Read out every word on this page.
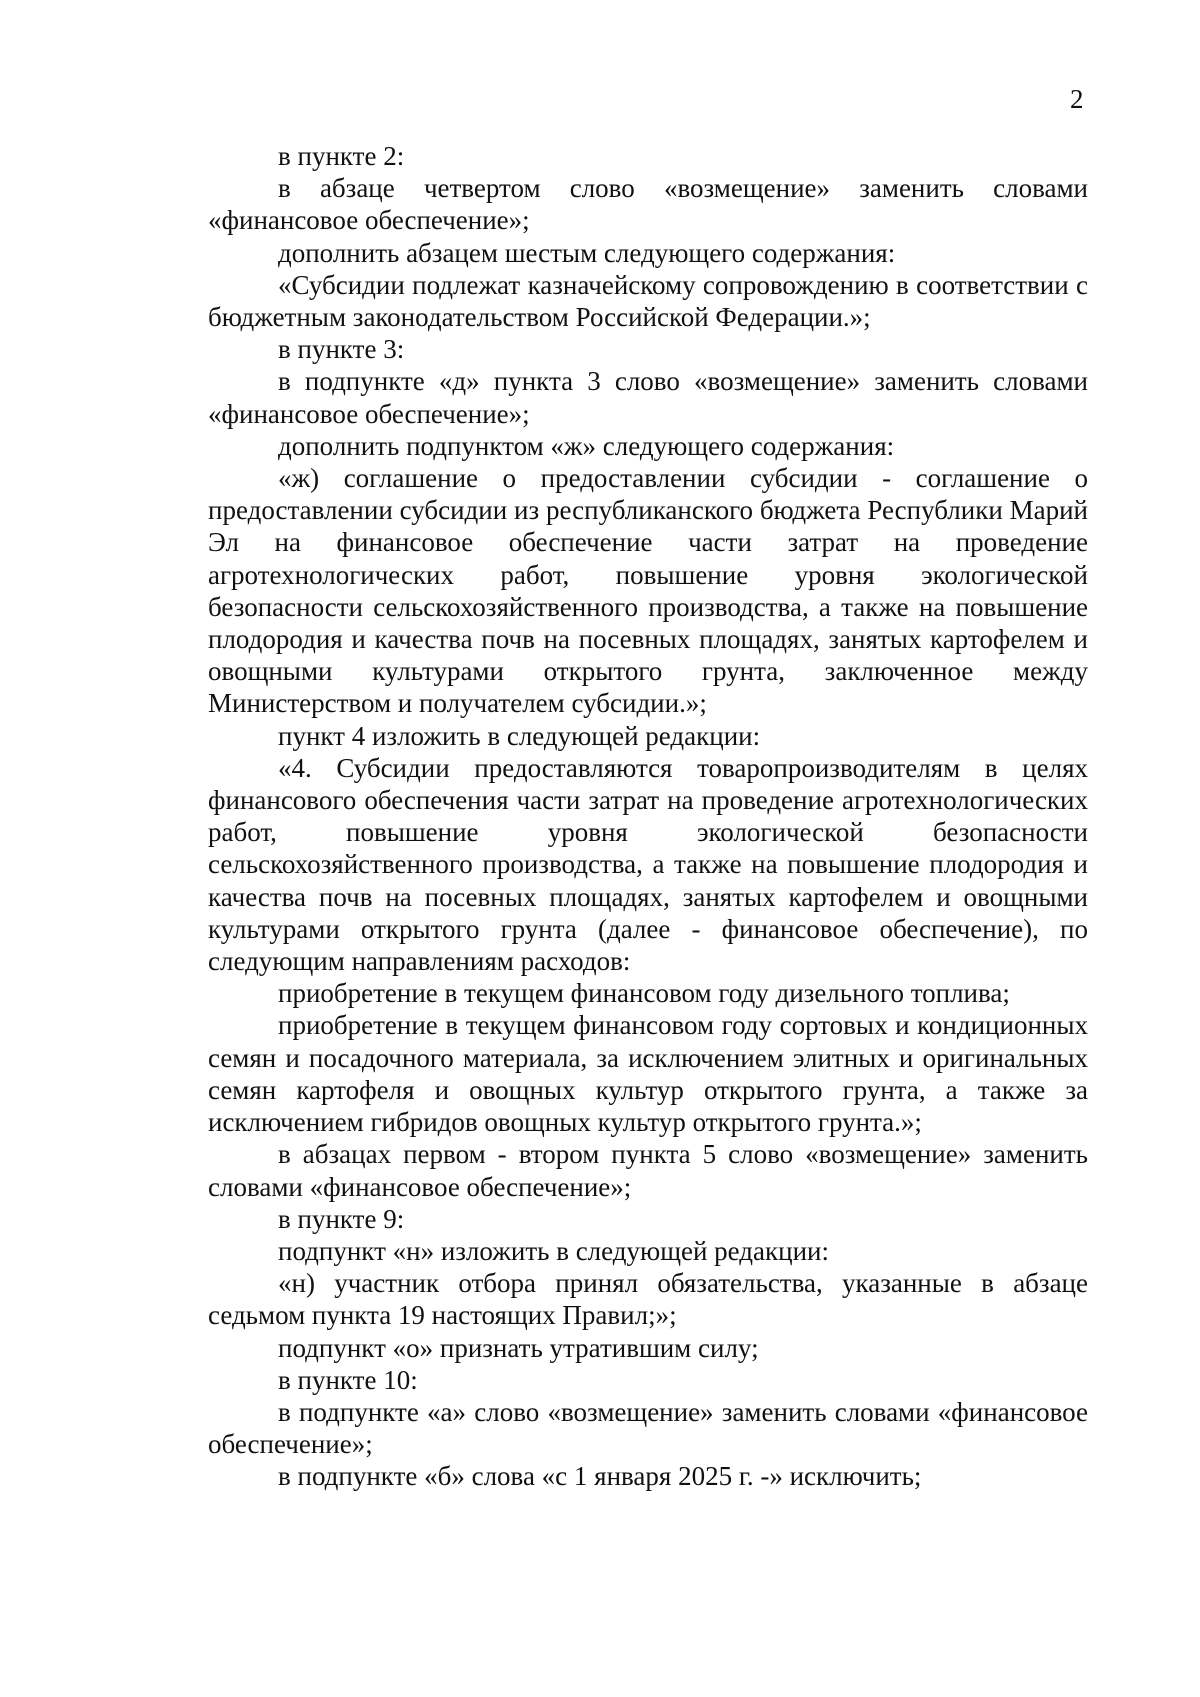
2

в пункте 2:

в абзаце четвертом слово «возмещение» заменить словами «финансовое обеспечение»;

дополнить абзацем шестым следующего содержания:

«Субсидии подлежат казначейскому сопровождению в соответствии с бюджетным законодательством Российской Федерации.»;

в пункте 3:

в подпункте «д» пункта 3 слово «возмещение» заменить словами «финансовое обеспечение»;

дополнить подпунктом «ж» следующего содержания:

«ж) соглашение о предоставлении субсидии - соглашение о предоставлении субсидии из республиканского бюджета Республики Марий Эл на финансовое обеспечение части затрат на проведение агротехнологических работ, повышение уровня экологической безопасности сельскохозяйственного производства, а также на повышение плодородия и качества почв на посевных площадях, занятых картофелем и овощными культурами открытого грунта, заключенное между Министерством и получателем субсидии.»;

пункт 4 изложить в следующей редакции:

«4. Субсидии предоставляются товаропроизводителям в целях финансового обеспечения части затрат на проведение агротехнологических работ, повышение уровня экологической безопасности сельскохозяйственного производства, а также на повышение плодородия и качества почв на посевных площадях, занятых картофелем и овощными культурами открытого грунта (далее - финансовое обеспечение), по следующим направлениям расходов:

приобретение в текущем финансовом году дизельного топлива;

приобретение в текущем финансовом году сортовых и кондиционных семян и посадочного материала, за исключением элитных и оригинальных семян картофеля и овощных культур открытого грунта, а также за исключением гибридов овощных культур открытого грунта.»;

в абзацах первом - втором пункта 5 слово «возмещение» заменить словами «финансовое обеспечение»;

в пункте 9:

подпункт «н» изложить в следующей редакции:

«н) участник отбора принял обязательства, указанные в абзаце седьмом пункта 19 настоящих Правил;»;

подпункт «о» признать утратившим силу;

в пункте 10:

в подпункте «а» слово «возмещение» заменить словами «финансовое обеспечение»;

в подпункте «б» слова «с 1 января 2025 г. -» исключить;
